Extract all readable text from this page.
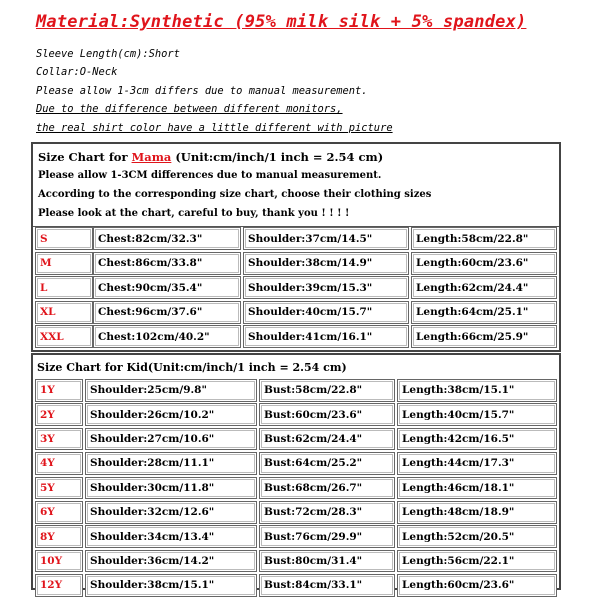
Material:Synthetic (95% milk silk + 5% spandex)
Sleeve Length(cm):Short
Collar:O-Neck
Please allow 1-3cm differs due to manual measurement.
Due to the difference between different monitors,
the real shirt color have a little different with picture
Size Chart for Mama (Unit:cm/inch/1 inch = 2.54 cm)
Please allow 1-3CM differences due to manual measurement.
According to the corresponding size chart, choose their clothing sizes
Please look at the chart, careful to buy, thank you ! ! ! !
S	Chest:82cm/32.3"	Shoulder:37cm/14.5"	Length:58cm/22.8"
M	Chest:86cm/33.8"	Shoulder:38cm/14.9"	Length:60cm/23.6"
L	Chest:90cm/35.4"	Shoulder:39cm/15.3"	Length:62cm/24.4"
XL	Chest:96cm/37.6"	Shoulder:40cm/15.7"	Length:64cm/25.1"
XXL	Chest:102cm/40.2"	Shoulder:41cm/16.1"	Length:66cm/25.9"
Size Chart for Kid(Unit:cm/inch/1 inch = 2.54 cm)
1Y	Shoulder:25cm/9.8"	Bust:58cm/22.8"	Length:38cm/15.1"
2Y	Shoulder:26cm/10.2"	Bust:60cm/23.6"	Length:40cm/15.7"
3Y	Shoulder:27cm/10.6"	Bust:62cm/24.4"	Length:42cm/16.5"
4Y	Shoulder:28cm/11.1"	Bust:64cm/25.2"	Length:44cm/17.3"
5Y	Shoulder:30cm/11.8"	Bust:68cm/26.7"	Length:46cm/18.1"
6Y	Shoulder:32cm/12.6"	Bust:72cm/28.3"	Length:48cm/18.9"
8Y	Shoulder:34cm/13.4"	Bust:76cm/29.9"	Length:52cm/20.5"
10Y	Shoulder:36cm/14.2"	Bust:80cm/31.4"	Length:56cm/22.1"
12Y	Shoulder:38cm/15.1"	Bust:84cm/33.1"	Length:60cm/23.6"
